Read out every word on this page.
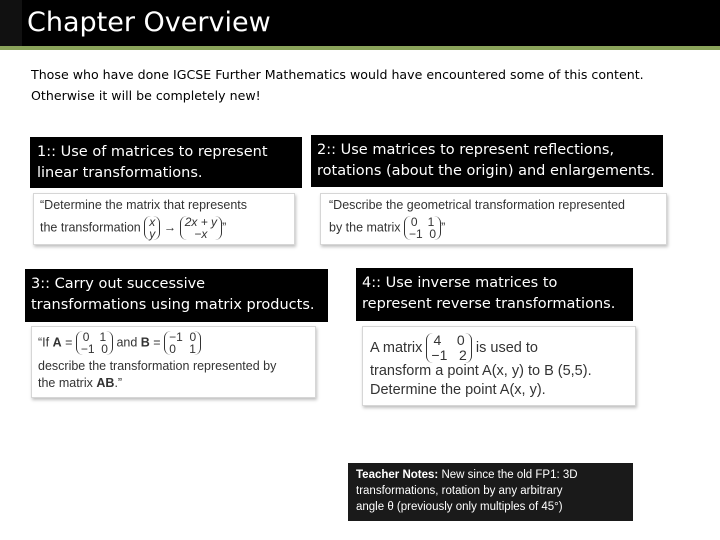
Chapter Overview
Those who have done IGCSE Further Mathematics would have encountered some of this content.
Otherwise it will be completely new!
1:: Use of matrices to represent
linear transformations.
2:: Use matrices to represent reflections,
rotations (about the origin) and enlargements.
3:: Carry out successive
transformations using matrix products.
4:: Use inverse matrices to
represent reverse transformations.
“Determine the matrix that represents
the transformation x
y → 2x + y
−x ”
“Describe the geometrical transformation represented
by the matrix 0 1
−1 0 ”
“If A = 0 1
−1 0 and B = −1 0
0 1
describe the transformation represented by
the matrix AB.”
A matrix 4 0
−1 2 is used to
transform a point A(x, y) to B (5,5).
Determine the point A(x, y).
Teacher Notes: New since the old FP1: 3D
transformations, rotation by any arbitrary
angle θ (previously only multiples of 45°)
